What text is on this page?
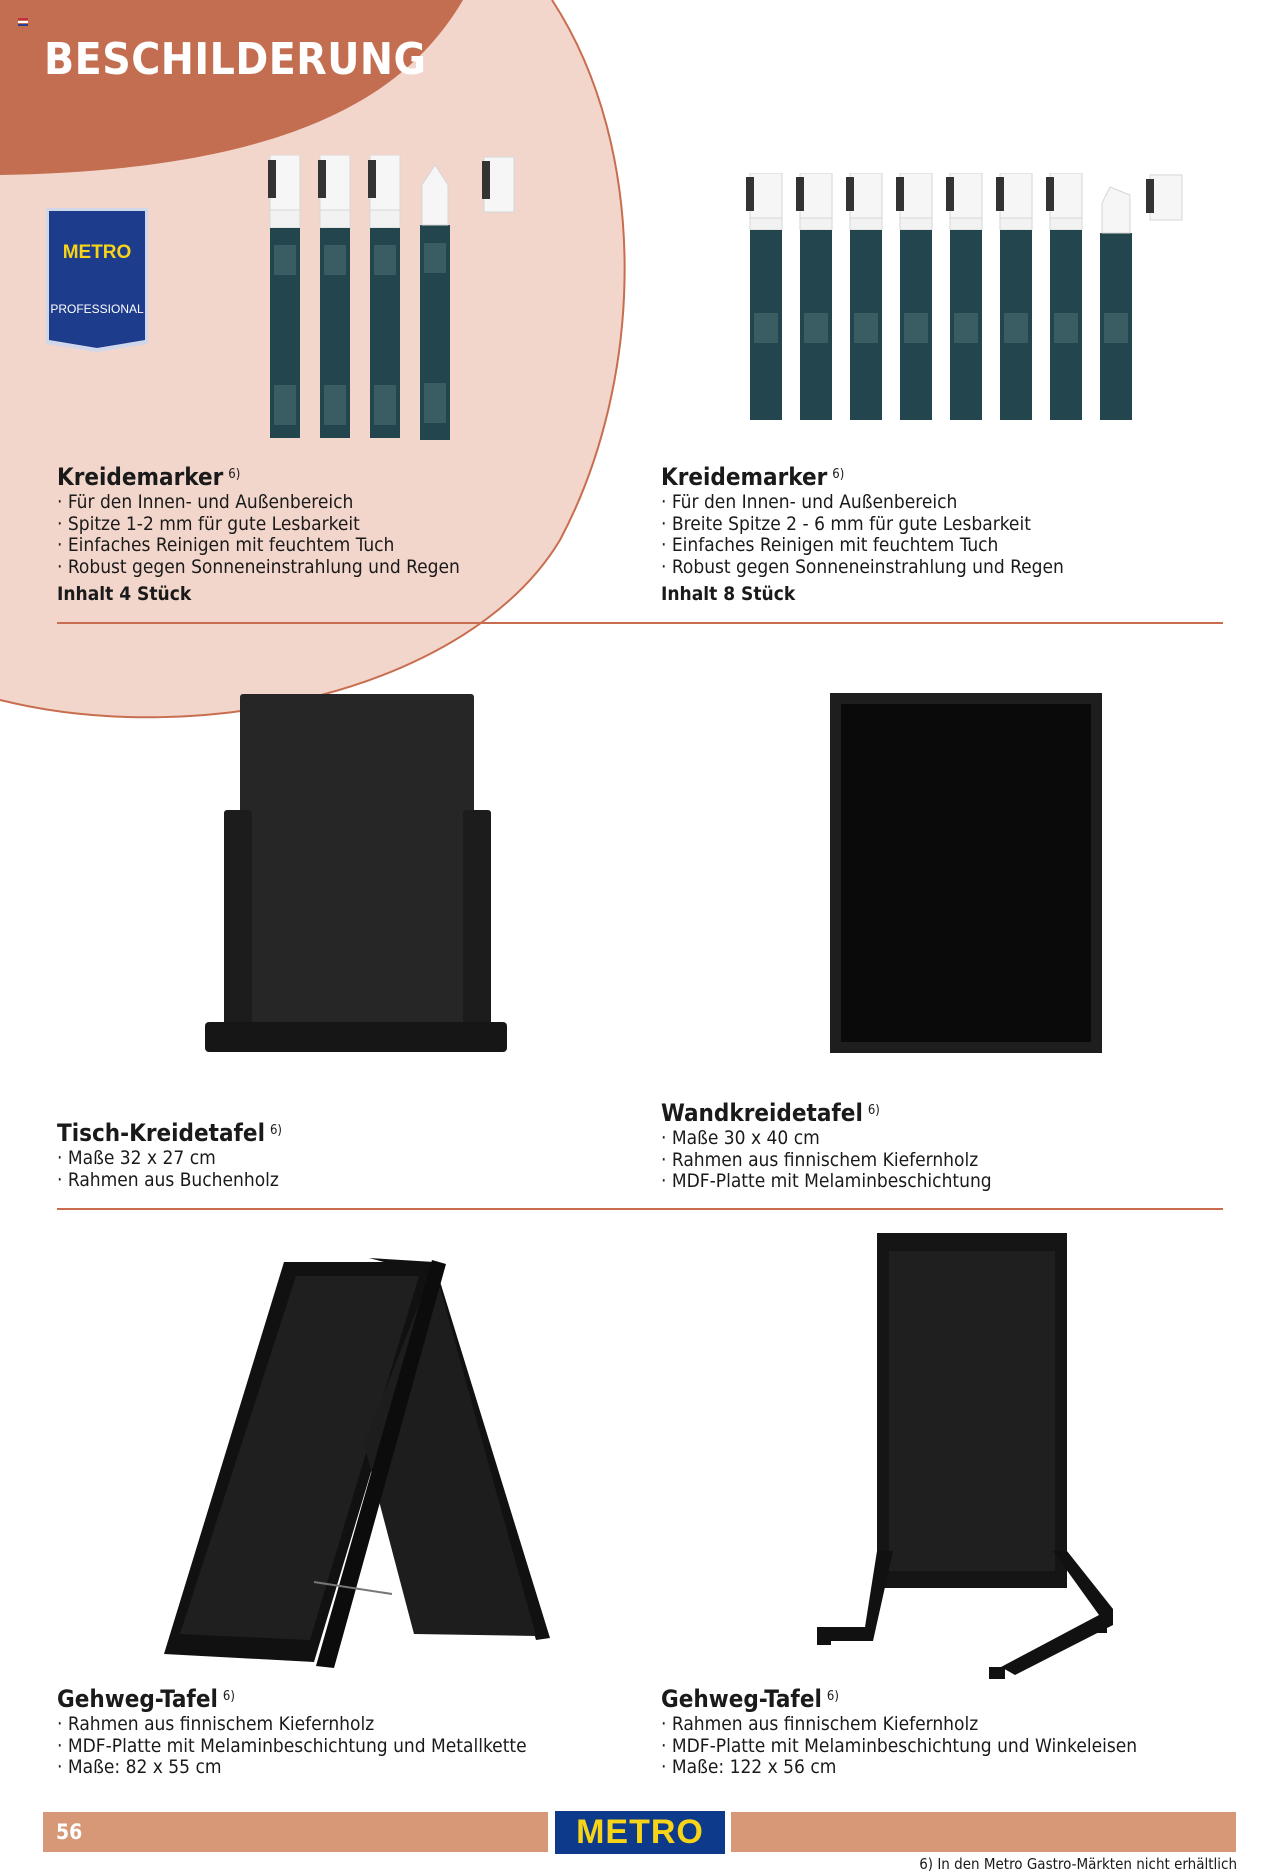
BESCHILDERUNG
METRO
PROFESSIONAL
Kreidemarker $^{6)}$
· Für den Innen- und Außenbereich
· Spitze 1-2 mm für gute Lesbarkeit
· Einfaches Reinigen mit feuchtem Tuch
· Robust gegen Sonneneinstrahlung und Regen
Inhalt 4 Stück
Kreidemarker $^{6)}$
· Für den Innen- und Außenbereich
· Breite Spitze 2 - 6 mm für gute Lesbarkeit
· Einfaches Reinigen mit feuchtem Tuch
· Robust gegen Sonneneinstrahlung und Regen
Inhalt 8 Stück
Tisch-Kreidetafel $^{6)}$
· Maße 32 x 27 cm
· Rahmen aus Buchenholz
Wandkreidetafel $^{6)}$
· Maße 30 x 40 cm
· Rahmen aus finnischem Kiefernholz
· MDF-Platte mit Melaminbeschichtung
Gehweg-Tafel $^{6)}$
· Rahmen aus finnischem Kiefernholz
· MDF-Platte mit Melaminbeschichtung und Metallkette
· Maße: 82 x 55 cm
Gehweg-Tafel $^{6)}$
· Rahmen aus finnischem Kiefernholz
· MDF-Platte mit Melaminbeschichtung und Winkeleisen
· Maße: 122 x 56 cm
56	METRO
6) In den Metro Gastro-Märkten nicht erhältlich
